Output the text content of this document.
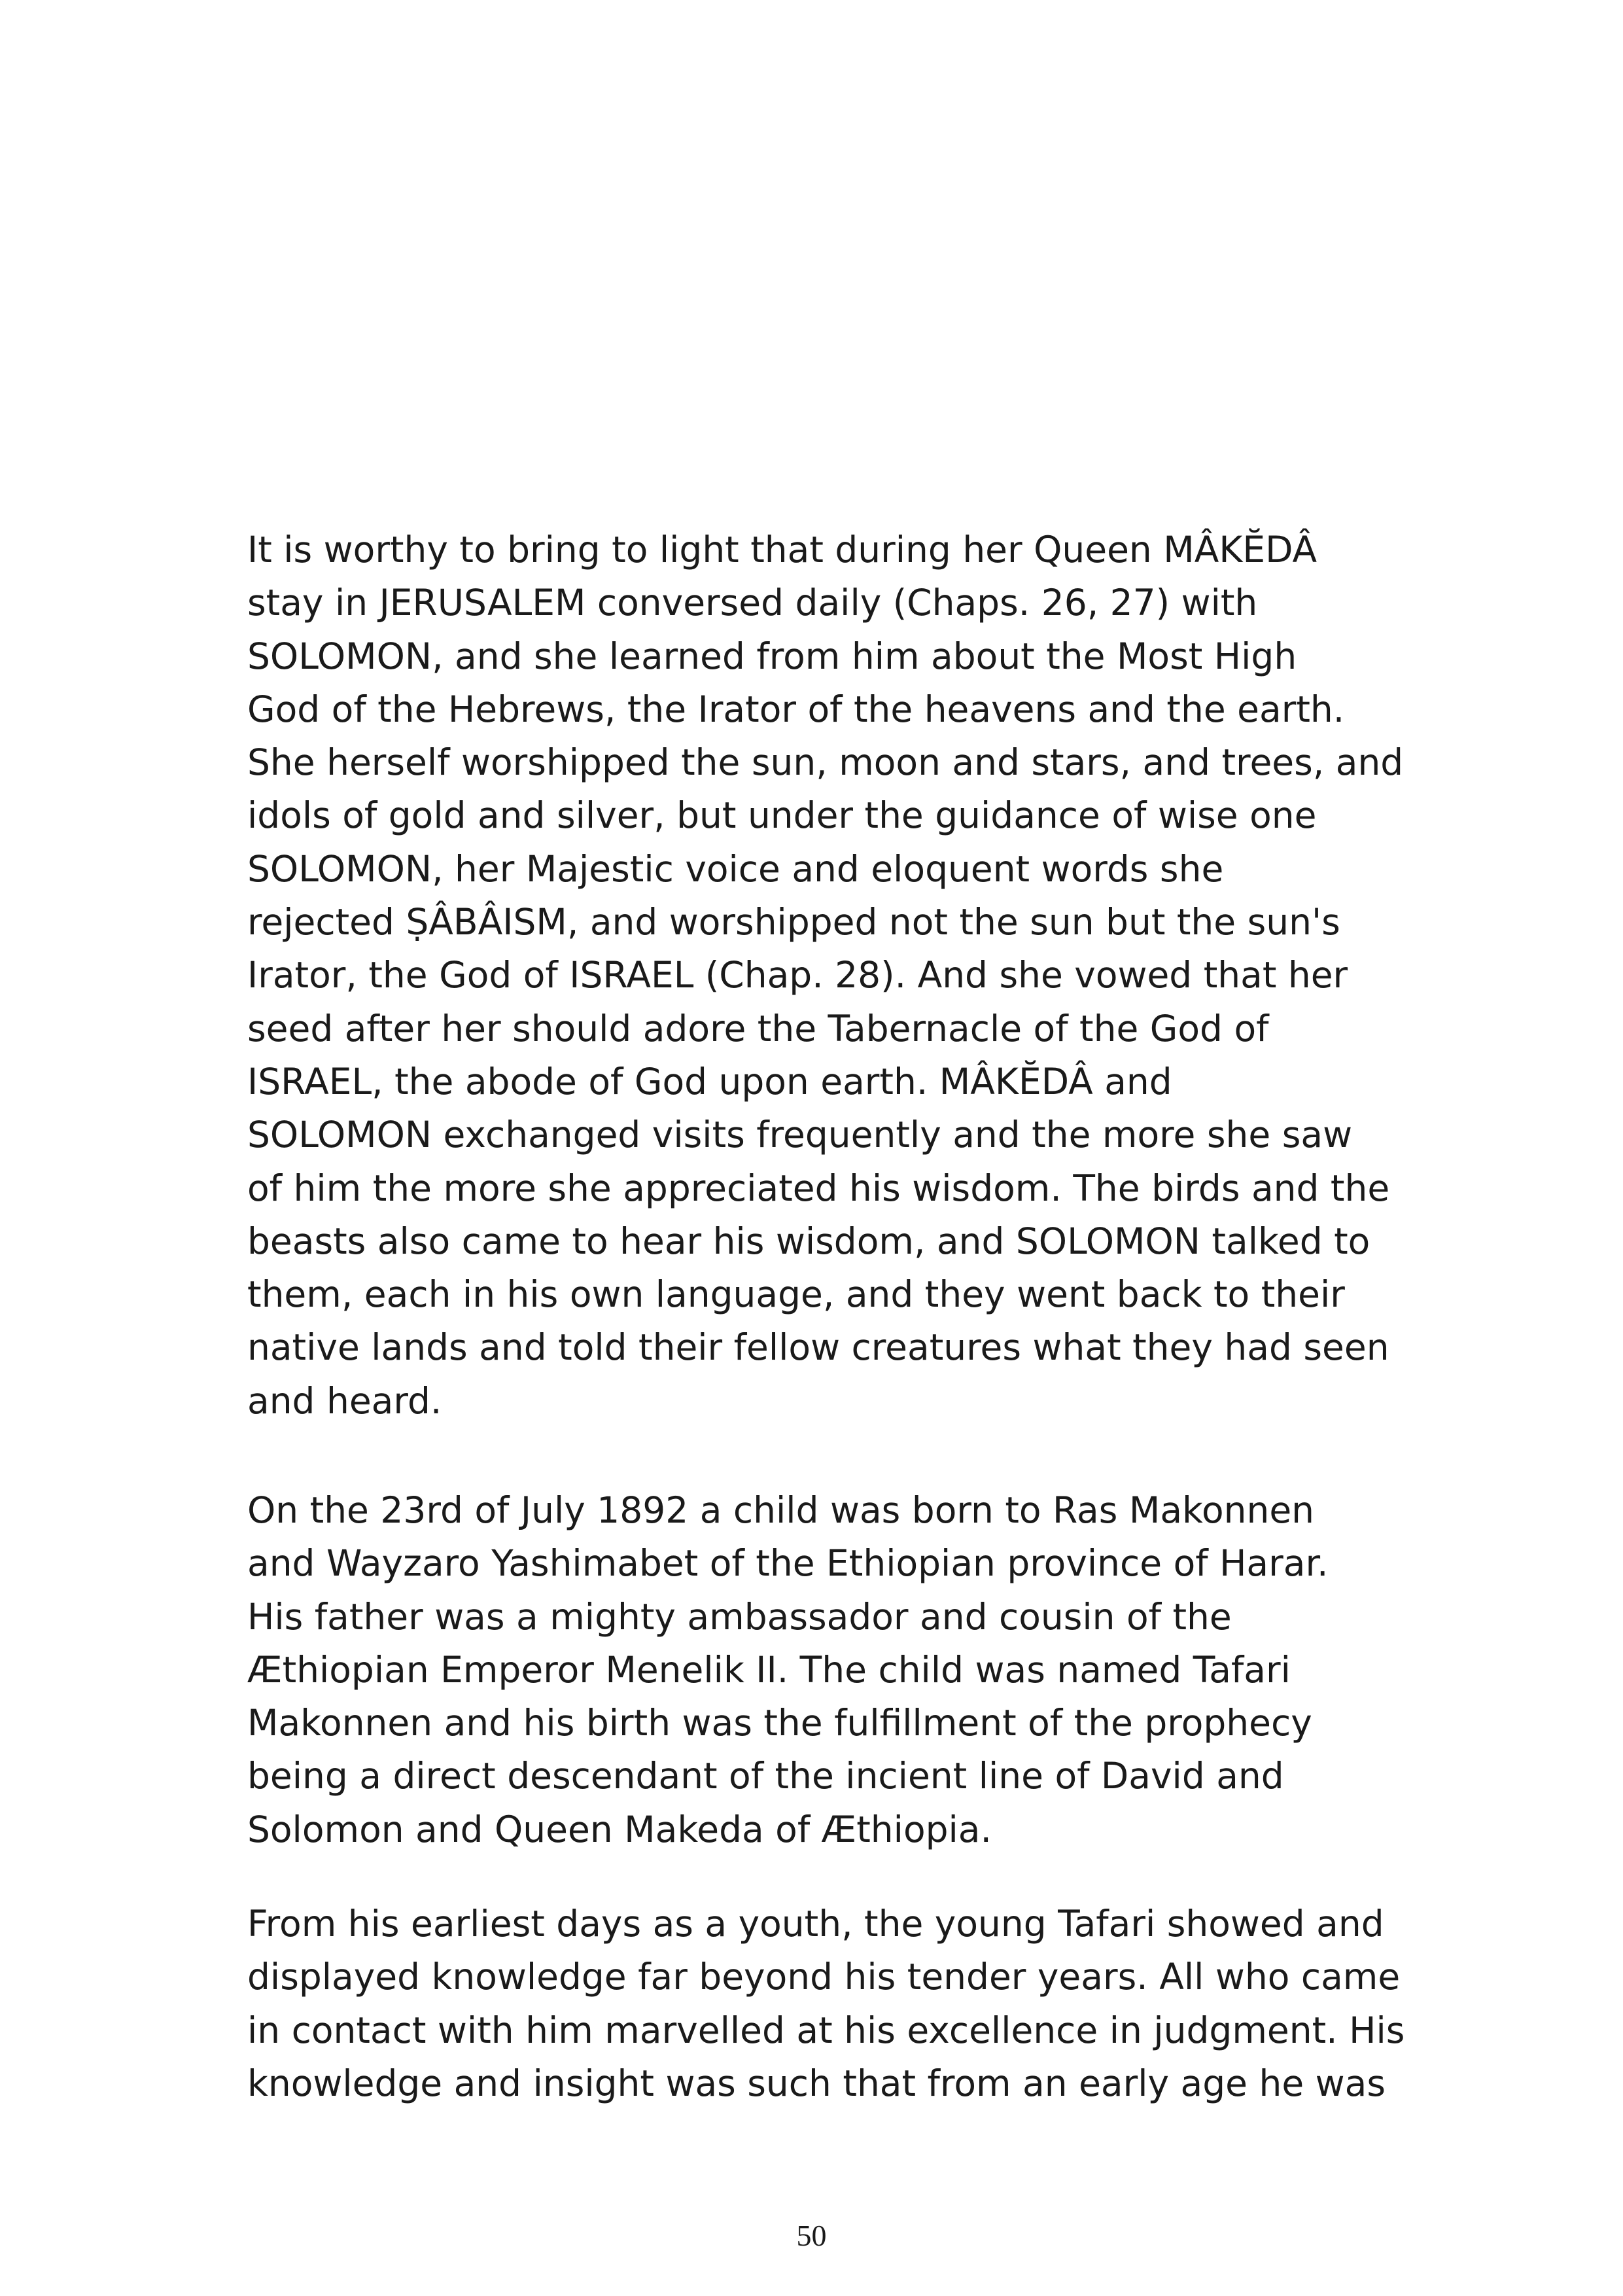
It is worthy to bring to light that during her Queen MÂKĔDÂ
stay in JERUSALEM conversed daily (Chaps. 26, 27) with
SOLOMON, and she learned from him about the Most High
God of the Hebrews, the Irator of the heavens and the earth.
She herself worshipped the sun, moon and stars, and trees, and
idols of gold and silver, but under the guidance of wise one
SOLOMON, her Majestic voice and eloquent words she
rejected ṢÂBÂISM, and worshipped not the sun but the sun's
Irator, the God of ISRAEL (Chap. 28). And she vowed that her
seed after her should adore the Tabernacle of the God of
ISRAEL, the abode of God upon earth. MÂKĔDÂ and
SOLOMON exchanged visits frequently and the more she saw
of him the more she appreciated his wisdom. The birds and the
beasts also came to hear his wisdom, and SOLOMON talked to
them, each in his own language, and they went back to their
native lands and told their fellow creatures what they had seen
and heard.
On the 23rd of July 1892 a child was born to Ras Makonnen
and Wayzaro Yashimabet of the Ethiopian province of Harar.
His father was a mighty ambassador and cousin of the
Æthiopian Emperor Menelik II. The child was named Tafari
Makonnen and his birth was the fulfillment of the prophecy
being a direct descendant of the incient line of David and
Solomon and Queen Makeda of Æthiopia.
From his earliest days as a youth, the young Tafari showed and
displayed knowledge far beyond his tender years. All who came
in contact with him marvelled at his excellence in judgment. His
knowledge and insight was such that from an early age he was
50
